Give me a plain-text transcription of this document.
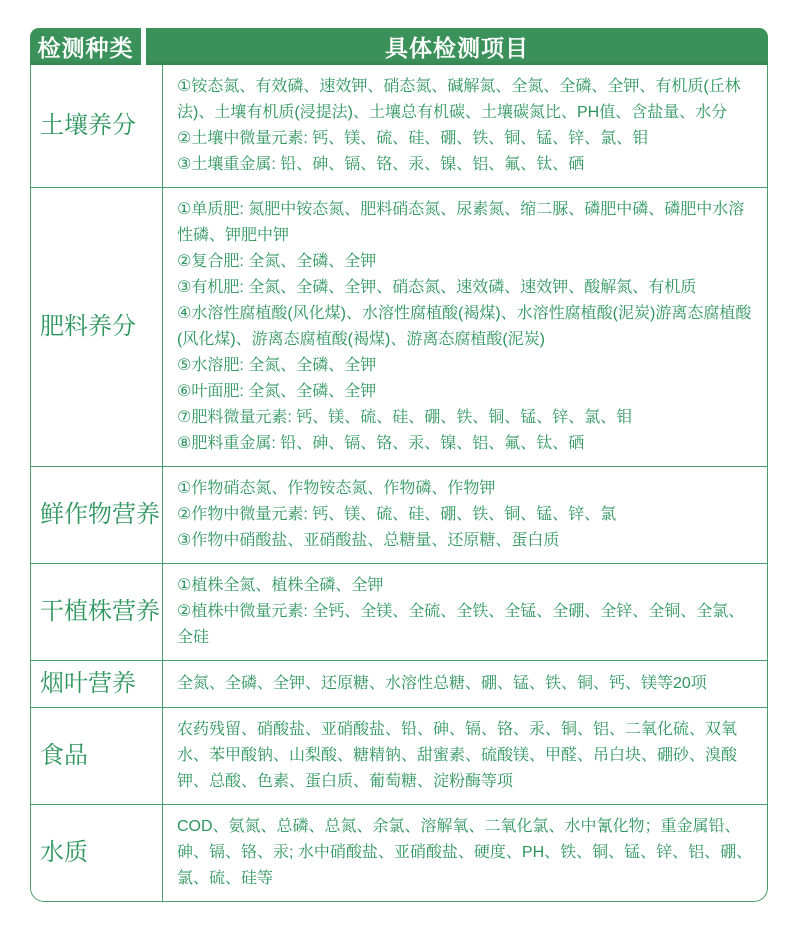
检测种类	具体检测项目
土壤养分

①铵态氮、有效磷、速效钾、硝态氮、碱解氮、全氮、全磷、全钾、有机质(丘林法)、土壤有机质(浸提法)、土壤总有机碳、土壤碳氮比、PH值、含盐量、水分

②土壤中微量元素: 钙、镁、硫、硅、硼、铁、铜、锰、锌、氯、钼

③土壤重金属: 铅、砷、镉、铬、汞、镍、铝、氟、钛、硒

肥料养分

①单质肥: 氮肥中铵态氮、肥料硝态氮、尿素氮、缩二脲、磷肥中磷、磷肥中水溶性磷、钾肥中钾

②复合肥: 全氮、全磷、全钾

③有机肥: 全氮、全磷、全钾、硝态氮、速效磷、速效钾、酸解氮、有机质

④水溶性腐植酸(风化煤)、水溶性腐植酸(褐煤)、水溶性腐植酸(泥炭)游离态腐植酸(风化煤)、游离态腐植酸(褐煤)、游离态腐植酸(泥炭)

⑤水溶肥: 全氮、全磷、全钾

⑥叶面肥: 全氮、全磷、全钾

⑦肥料微量元素: 钙、镁、硫、硅、硼、铁、铜、锰、锌、氯、钼

⑧肥料重金属: 铅、砷、镉、铬、汞、镍、铝、氟、钛、硒

鲜作物营养

①作物硝态氮、作物铵态氮、作物磷、作物钾

②作物中微量元素: 钙、镁、硫、硅、硼、铁、铜、锰、锌、氯

③作物中硝酸盐、亚硝酸盐、总糖量、还原糖、蛋白质

干植株营养

①植株全氮、植株全磷、全钾

②植株中微量元素: 全钙、全镁、全硫、全铁、全锰、全硼、全锌、全铜、全氯、全硅

烟叶营养	全氮、全磷、全钾、还原糖、水溶性总糖、硼、锰、铁、铜、钙、镁等20项

食品

农药残留、硝酸盐、亚硝酸盐、铅、砷、镉、铬、汞、铜、铝、二氧化硫、双氧水、苯甲酸钠、山梨酸、糖精钠、甜蜜素、硫酸镁、甲醛、吊白块、硼砂、溴酸钾、总酸、色素、蛋白质、葡萄糖、淀粉酶等项

水质

COD、氨氮、总磷、总氮、余氯、溶解氧、二氧化氯、水中氰化物；重金属铅、砷、镉、铬、汞; 水中硝酸盐、亚硝酸盐、硬度、PH、铁、铜、锰、锌、铝、硼、氯、硫、硅等
